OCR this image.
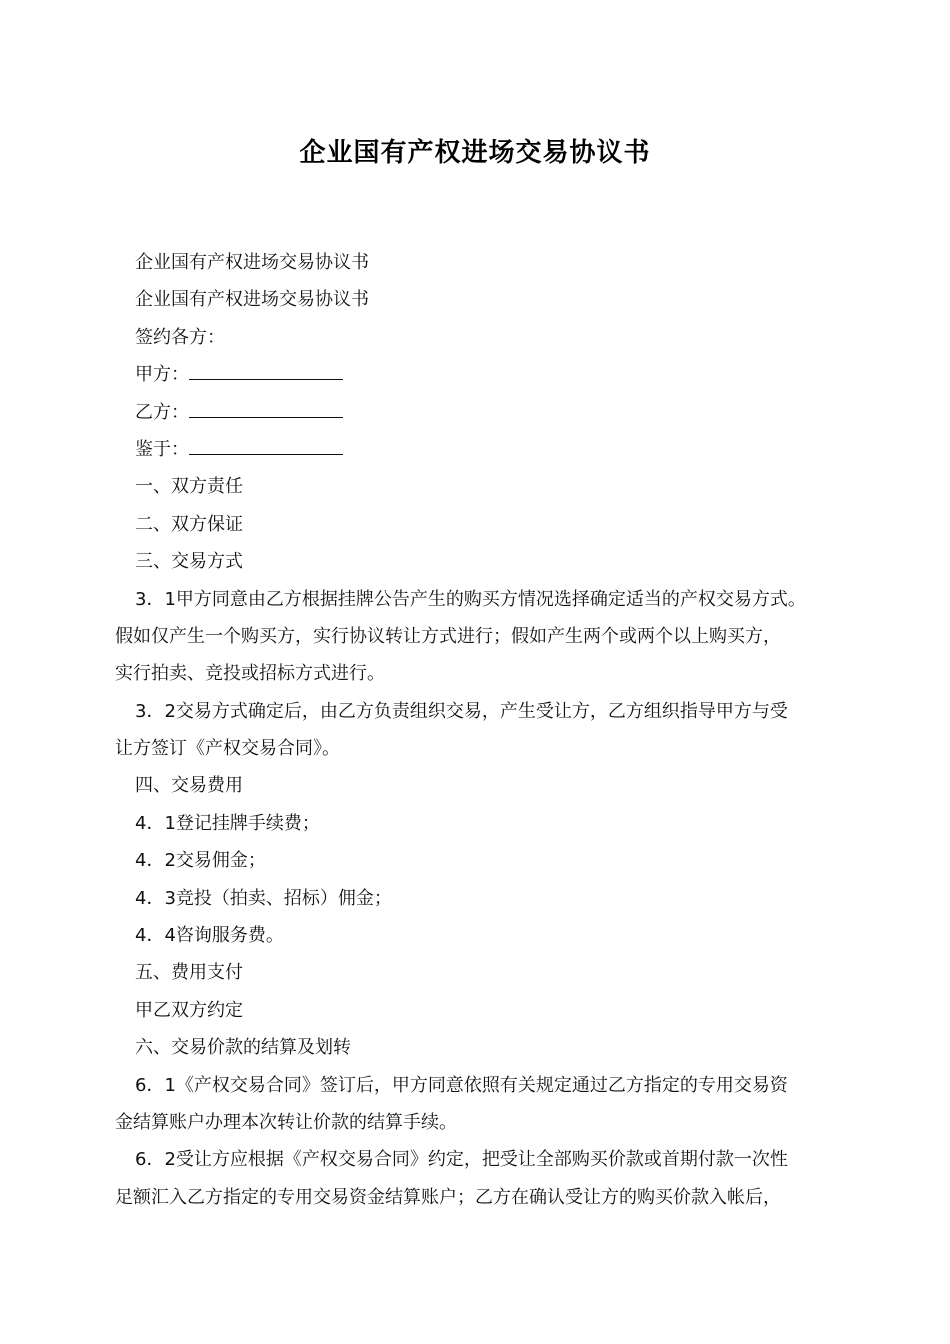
企业国有产权进场交易协议书
企业国有产权进场交易协议书
企业国有产权进场交易协议书
签约各方：
甲方：
乙方：
鉴于：
一、双方责任
二、双方保证
三、交易方式
3．1甲方同意由乙方根据挂牌公告产生的购买方情况选择确定适当的产权交易方式。
假如仅产生一个购买方，实行协议转让方式进行；假如产生两个或两个以上购买方，
实行拍卖、竞投或招标方式进行。
3．2交易方式确定后，由乙方负责组织交易，产生受让方，乙方组织指导甲方与受
让方签订《产权交易合同》。
四、交易费用
4．1登记挂牌手续费；
4．2交易佣金；
4．3竞投（拍卖、招标）佣金；
4．4咨询服务费。
五、费用支付
甲乙双方约定
六、交易价款的结算及划转
6．1《产权交易合同》签订后，甲方同意依照有关规定通过乙方指定的专用交易资
金结算账户办理本次转让价款的结算手续。
6．2受让方应根据《产权交易合同》约定，把受让全部购买价款或首期付款一次性
足额汇入乙方指定的专用交易资金结算账户；乙方在确认受让方的购买价款入帐后，
